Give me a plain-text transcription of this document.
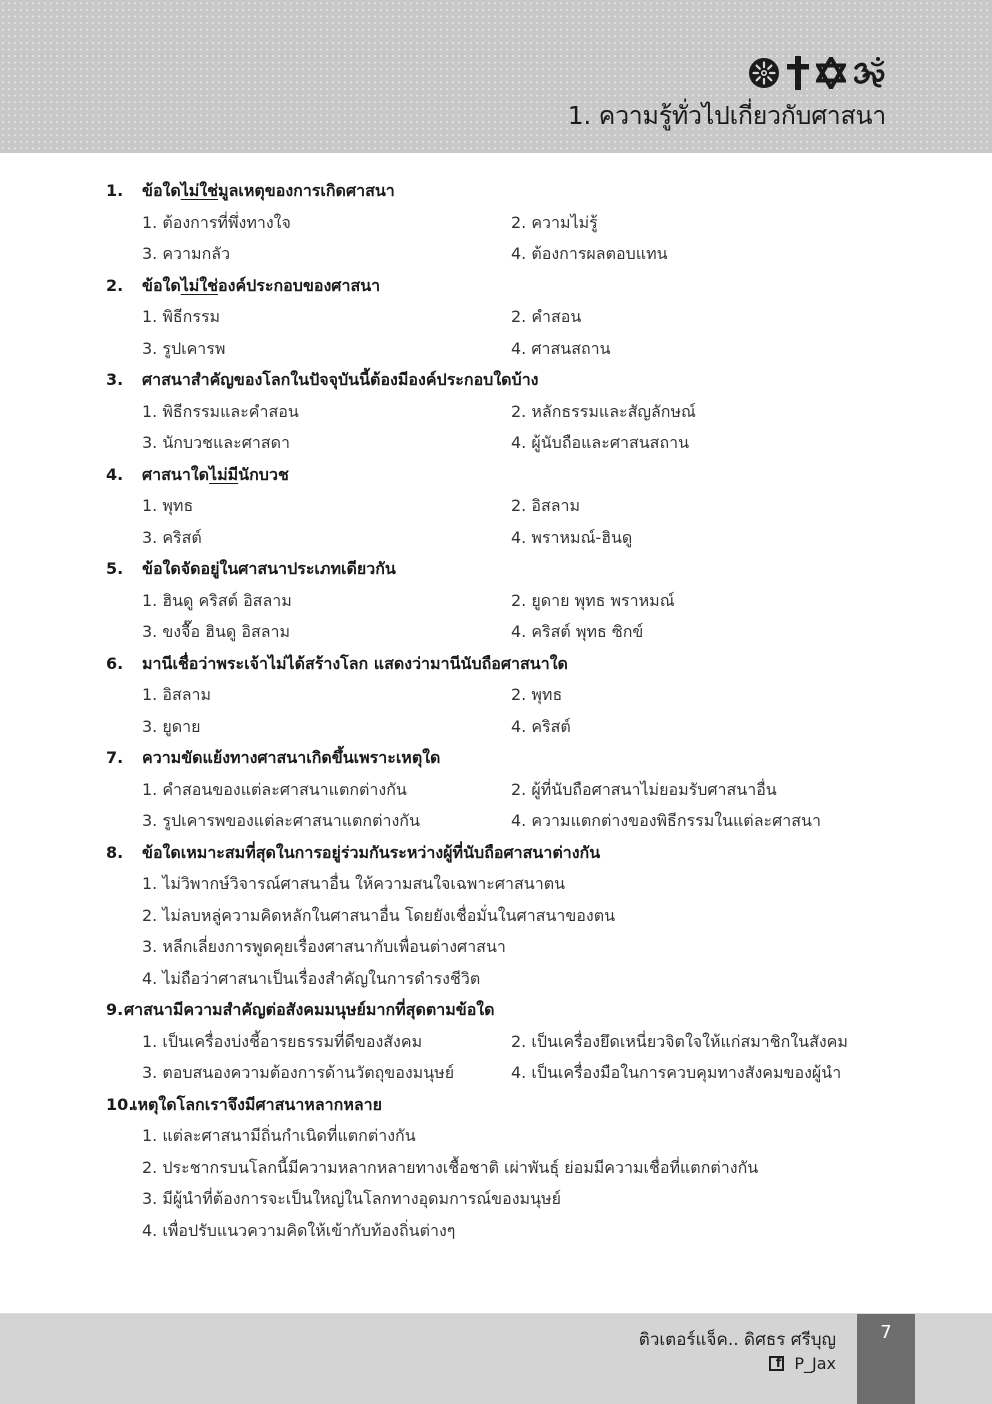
1. ความรู้ทั่วไปเกี่ยวกับศาสนา
1. ข้อใดไม่ใช่มูลเหตุของการเกิดศาสนา
1. ต้องการที่พึ่งทางใจ	2. ความไม่รู้
3. ความกลัว	4. ต้องการผลตอบแทน
2. ข้อใดไม่ใช่องค์ประกอบของศาสนา
1. พิธีกรรม	2. คำสอน
3. รูปเคารพ	4. ศาสนสถาน
3. ศาสนาสำคัญของโลกในปัจจุบันนี้ต้องมีองค์ประกอบใดบ้าง
1. พิธีกรรมและคำสอน	2. หลักธรรมและสัญลักษณ์
3. นักบวชและศาสดา	4. ผู้นับถือและศาสนสถาน
4. ศาสนาใดไม่มีนักบวช
1. พุทธ	2. อิสลาม
3. คริสต์	4. พราหมณ์-ฮินดู
5. ข้อใดจัดอยู่ในศาสนาประเภทเดียวกัน
1. ฮินดู คริสต์ อิสลาม	2. ยูดาย พุทธ พราหมณ์
3. ขงจื๊อ ฮินดู อิสลาม	4. คริสต์ พุทธ ซิกข์
6. มานีเชื่อว่าพระเจ้าไม่ได้สร้างโลก แสดงว่ามานีนับถือศาสนาใด
1. อิสลาม	2. พุทธ
3. ยูดาย	4. คริสต์
7. ความขัดแย้งทางศาสนาเกิดขึ้นเพราะเหตุใด
1. คำสอนของแต่ละศาสนาแตกต่างกัน	2. ผู้ที่นับถือศาสนาไม่ยอมรับศาสนาอื่น
3. รูปเคารพของแต่ละศาสนาแตกต่างกัน	4. ความแตกต่างของพิธีกรรมในแต่ละศาสนา
8. ข้อใดเหมาะสมที่สุดในการอยู่ร่วมกันระหว่างผู้ที่นับถือศาสนาต่างกัน
1. ไม่วิพากษ์วิจารณ์ศาสนาอื่น ให้ความสนใจเฉพาะศาสนาตน
2. ไม่ลบหลู่ความคิดหลักในศาสนาอื่น โดยยังเชื่อมั่นในศาสนาของตน
3. หลีกเลี่ยงการพูดคุยเรื่องศาสนากับเพื่อนต่างศาสนา
4. ไม่ถือว่าศาสนาเป็นเรื่องสำคัญในการดำรงชีวิต
9. ศาสนามีความสำคัญต่อสังคมมนุษย์มากที่สุดตามข้อใด
1. เป็นเครื่องบ่งชี้อารยธรรมที่ดีของสังคม	2. เป็นเครื่องยึดเหนี่ยวจิตใจให้แก่สมาชิกในสังคม
3. ตอบสนองความต้องการด้านวัตถุของมนุษย์	4. เป็นเครื่องมือในการควบคุมทางสังคมของผู้นำ
10.
เหตุใดโลกเราจึงมีศาสนาหลากหลาย
1. แต่ละศาสนามีถิ่นกำเนิดที่แตกต่างกัน
2. ประชากรบนโลกนี้มีความหลากหลายทางเชื้อชาติ เผ่าพันธุ์ ย่อมมีความเชื่อที่แตกต่างกัน
3. มีผู้นำที่ต้องการจะเป็นใหญ่ในโลกทางอุดมการณ์ของมนุษย์
4. เพื่อปรับแนวความคิดให้เข้ากับท้องถิ่นต่างๆ
ติวเตอร์แจ็ค.. ดิศธร ศรีบุญ
f P_Jax
7
